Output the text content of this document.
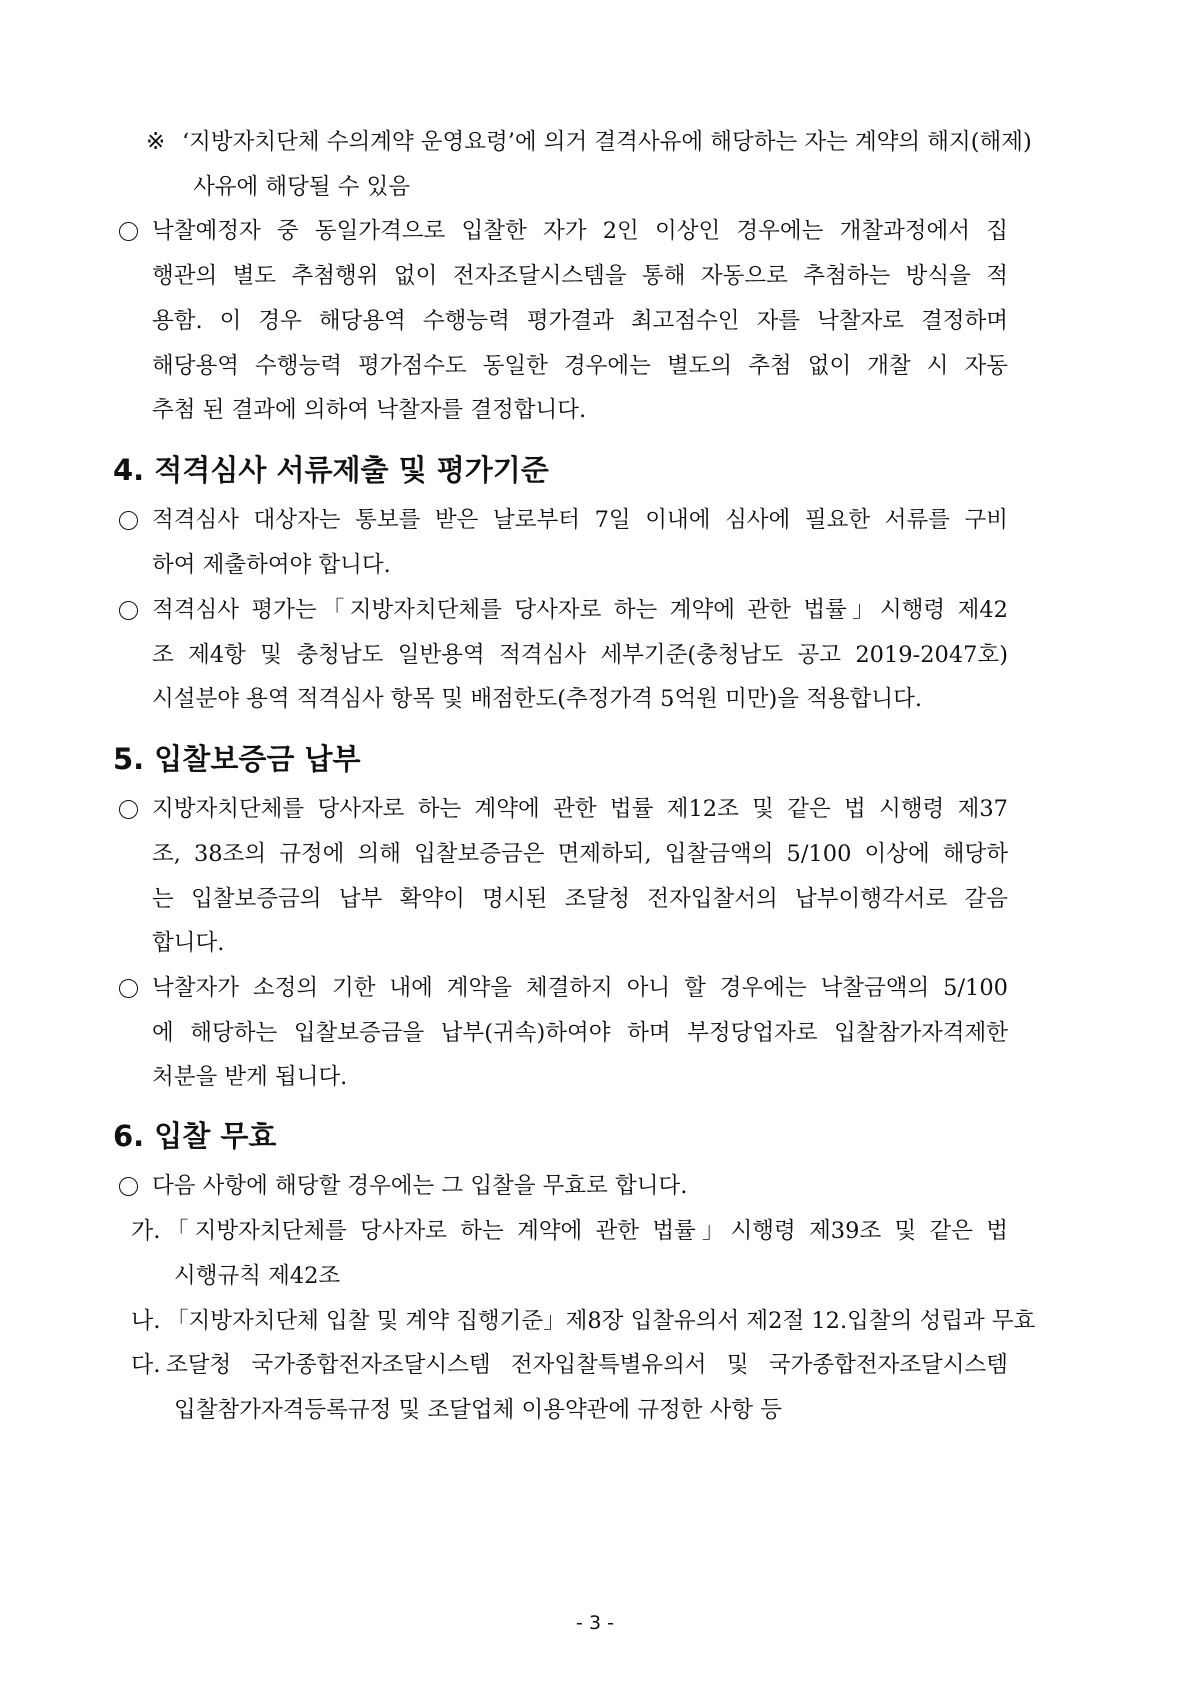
※ ‘지방자치단체 수의계약 운영요령’에 의거 결격사유에 해당하는 자는 계약의 해지(해제)
사유에 해당될 수 있음
낙찰예정자 중 동일가격으로 입찰한 자가 2인 이상인 경우에는 개찰과정에서 집
행관의 별도 추첨행위 없이 전자조달시스템을 통해 자동으로 추첨하는 방식을 적
용함. 이 경우 해당용역 수행능력 평가결과 최고점수인 자를 낙찰자로 결정하며
해당용역 수행능력 평가점수도 동일한 경우에는 별도의 추첨 없이 개찰 시 자동
추첨 된 결과에 의하여 낙찰자를 결정합니다.
4. 적격심사 서류제출 및 평가기준
적격심사 대상자는 통보를 받은 날로부터 7일 이내에 심사에 필요한 서류를 구비
하여 제출하여야 합니다.
적격심사 평가는「지방자치단체를 당사자로 하는 계약에 관한 법률」시행령 제42
조 제4항 및 충청남도 일반용역 적격심사 세부기준(충청남도 공고 2019-2047호)
시설분야 용역 적격심사 항목 및 배점한도(추정가격 5억원 미만)을 적용합니다.
5. 입찰보증금 납부
지방자치단체를 당사자로 하는 계약에 관한 법률 제12조 및 같은 법 시행령 제37
조, 38조의 규정에 의해 입찰보증금은 면제하되, 입찰금액의 5/100 이상에 해당하
는 입찰보증금의 납부 확약이 명시된 조달청 전자입찰서의 납부이행각서로 갈음
합니다.
낙찰자가 소정의 기한 내에 계약을 체결하지 아니 할 경우에는 낙찰금액의 5/100
에 해당하는 입찰보증금을 납부(귀속)하여야 하며 부정당업자로 입찰참가자격제한
처분을 받게 됩니다.
6. 입찰 무효
다음 사항에 해당할 경우에는 그 입찰을 무효로 합니다.
가. 「지방자치단체를 당사자로 하는 계약에 관한 법률」시행령 제39조 및 같은 법
시행규칙 제42조
나. 「지방자치단체 입찰 및 계약 집행기준」제8장 입찰유의서 제2절 12.입찰의 성립과 무효
다. 조달청 국가종합전자조달시스템 전자입찰특별유의서 및 국가종합전자조달시스템
입찰참가자격등록규정 및 조달업체 이용약관에 규정한 사항 등
- 3 -
